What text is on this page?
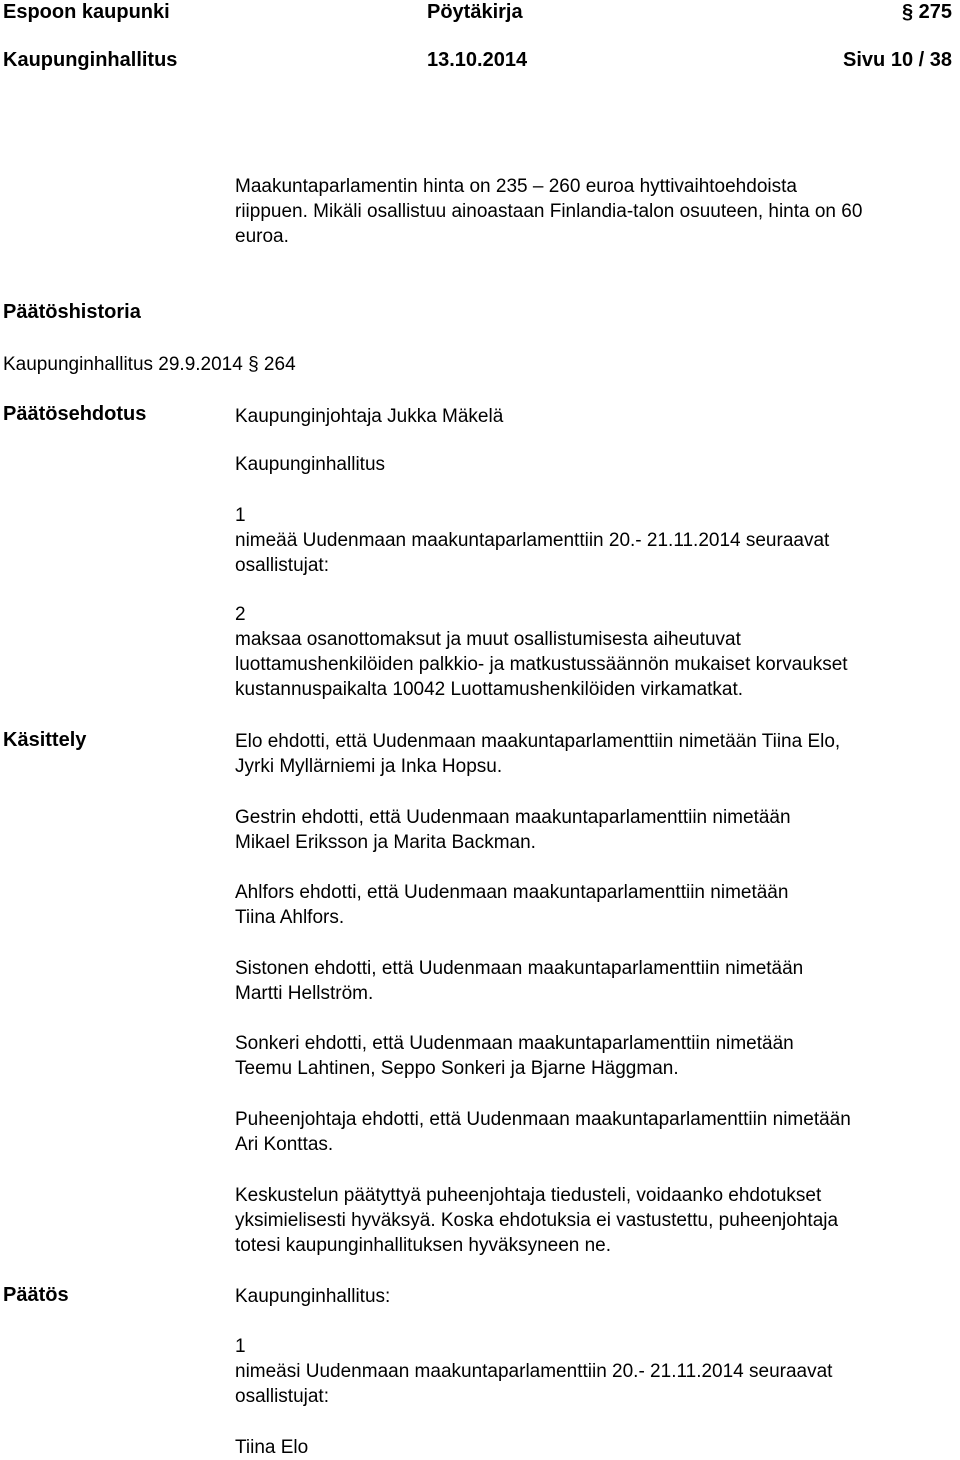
Espoon kaupunki	Pöytäkirja	§ 275
Kaupunginhallitus	13.10.2014	Sivu 10 / 38

Maakuntaparlamentin hinta on 235 – 260 euroa hyttivaihtoehdoista

riippuen. Mikäli osallistuu ainoastaan Finlandia-talon osuuteen, hinta on 60

euroa.

Päätöshistoria
Kaupunginhallitus 29.9.2014 § 264
Päätösehdotus	Kaupunginjohtaja Jukka Mäkelä

Kaupunginhallitus

1

nimeää Uudenmaan maakuntaparlamenttiin 20.- 21.11.2014 seuraavat

osallistujat:

2

maksaa osanottomaksut ja muut osallistumisesta aiheutuvat

luottamushenkilöiden palkkio- ja matkustussäännön mukaiset korvaukset

kustannuspaikalta 10042 Luottamushenkilöiden virkamatkat.

Käsittely	Elo ehdotti, että Uudenmaan maakuntaparlamenttiin nimetään Tiina Elo,

Jyrki Myllärniemi ja Inka Hopsu.

Gestrin ehdotti, että Uudenmaan maakuntaparlamenttiin nimetään

Mikael Eriksson ja Marita Backman.

Ahlfors ehdotti, että Uudenmaan maakuntaparlamenttiin nimetään

Tiina Ahlfors.

Sistonen ehdotti, että Uudenmaan maakuntaparlamenttiin nimetään

Martti Hellström.

Sonkeri ehdotti, että Uudenmaan maakuntaparlamenttiin nimetään

Teemu Lahtinen, Seppo Sonkeri ja Bjarne Häggman.

Puheenjohtaja ehdotti, että Uudenmaan maakuntaparlamenttiin nimetään

Ari Konttas.

Keskustelun päätyttyä puheenjohtaja tiedusteli, voidaanko ehdotukset

yksimielisesti hyväksyä. Koska ehdotuksia ei vastustettu, puheenjohtaja

totesi kaupunginhallituksen hyväksyneen ne.

Päätös	Kaupunginhallitus:

1

nimeäsi Uudenmaan maakuntaparlamenttiin 20.- 21.11.2014 seuraavat

osallistujat:

Tiina Elo
